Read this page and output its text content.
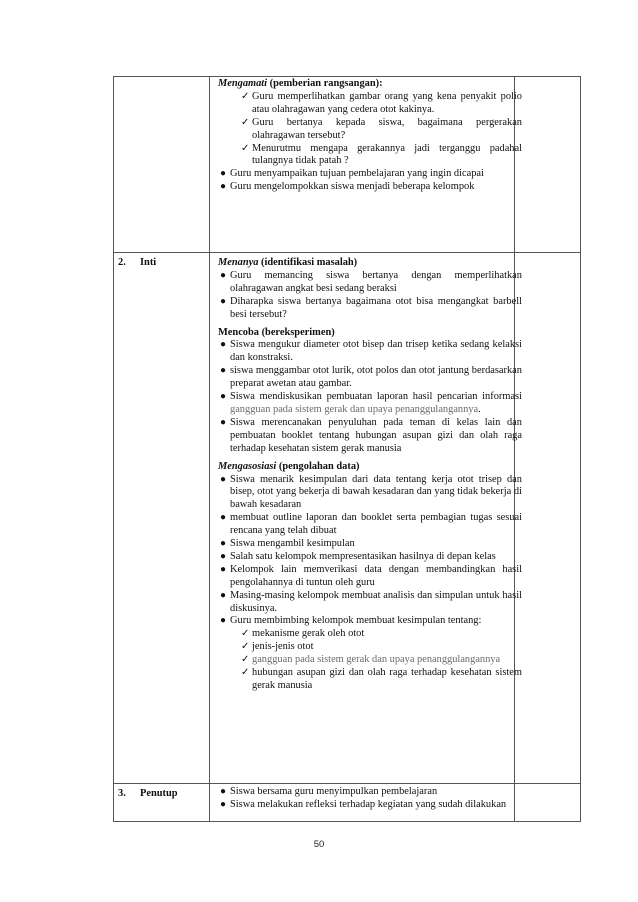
Mengamati (pemberian rangsangan):
✓ Guru memperlihatkan gambar orang yang kena penyakit polio atau olahragawan yang cedera otot kakinya.
✓ Guru bertanya kepada siswa, bagaimana pergerakan olahragawan tersebut?
✓ Menurutmu mengapa gerakannya jadi terganggu padahal tulangnya tidak patah ?
● Guru menyampaikan tujuan pembelajaran yang ingin dicapai
● Guru mengelompokkan siswa menjadi beberapa kelompok
2. Inti	Menanya (identifikasi masalah)
● Guru memancing siswa bertanya dengan memperlihatkan olahragawan angkat besi sedang beraksi
● Diharapka siswa bertanya bagaimana otot bisa mengangkat barbell besi tersebut?
Mencoba (bereksperimen)
● Siswa mengukur diameter otot bisep dan trisep ketika sedang kelaksi dan konstraksi.
● siswa menggambar otot lurik, otot polos dan otot jantung berdasarkan preparat awetan atau gambar.
● Siswa mendiskusikan pembuatan laporan hasil pencarian informasi gangguan pada sistem gerak dan upaya penanggulangannya.
● Siswa merencanakan penyuluhan pada teman di kelas lain dan pembuatan booklet tentang hubungan asupan gizi dan olah raga terhadap kesehatan sistem gerak manusia
Mengasosiasi (pengolahan data)
● Siswa menarik kesimpulan dari data tentang kerja otot trisep dan bisep, otot yang bekerja di bawah kesadaran dan yang tidak bekerja di bawah kesadaran
● membuat outline laporan dan booklet serta pembagian tugas sesuai rencana yang telah dibuat
● Siswa mengambil kesimpulan
● Salah satu kelompok mempresentasikan hasilnya di depan kelas
● Kelompok lain memverikasi data dengan membandingkan hasil pengolahannya di tuntun oleh guru
● Masing-masing kelompok membuat analisis dan simpulan untuk hasil diskusinya.
● Guru membimbing kelompok membuat kesimpulan tentang:
✓ mekanisme gerak oleh otot
✓ jenis-jenis otot
✓ gangguan pada sistem gerak dan upaya penanggulangannya
✓ hubungan asupan gizi dan olah raga terhadap kesehatan sistem gerak manusia
3. Penutup	● Siswa bersama guru menyimpulkan pembelajaran
● Siswa melakukan refleksi terhadap kegiatan yang sudah dilakukan
50
